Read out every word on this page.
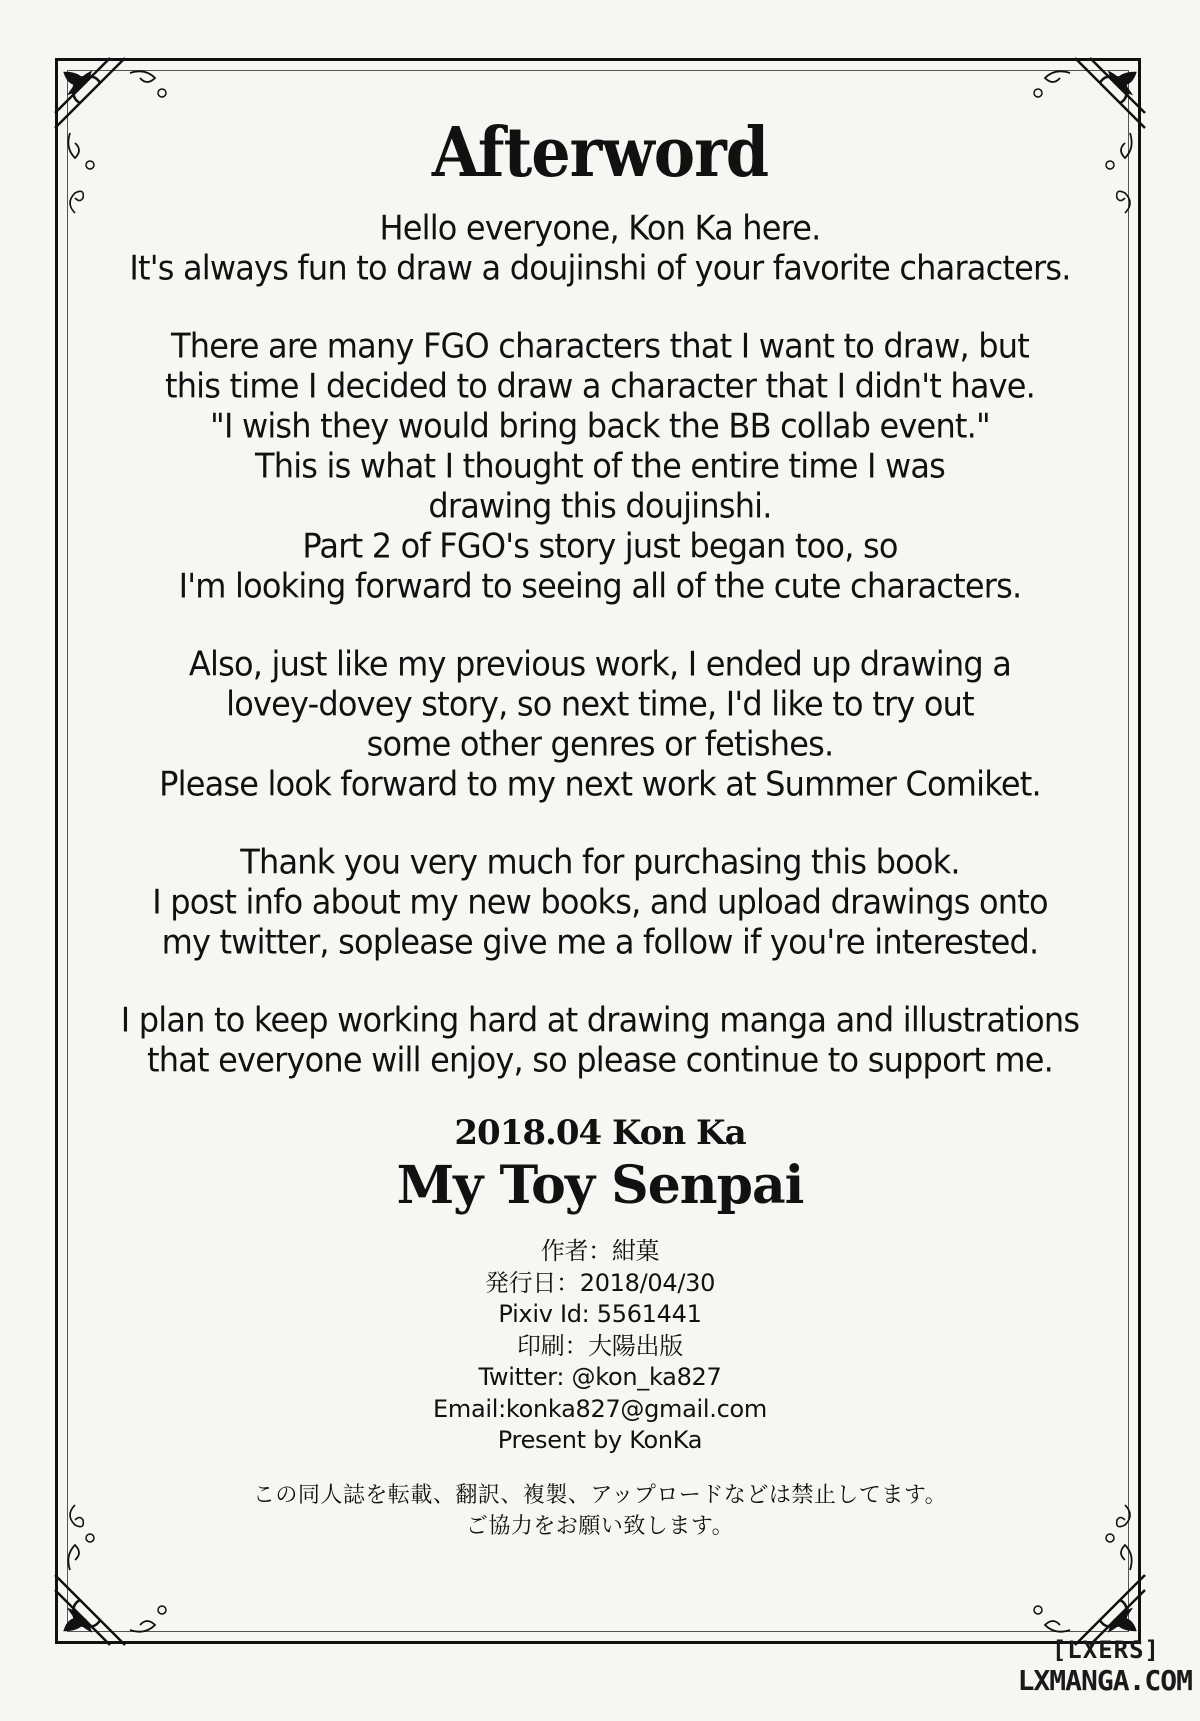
Afterword
Hello everyone, Kon Ka here.
It's always fun to draw a doujinshi of your favorite characters.
There are many FGO characters that I want to draw, but
this time I decided to draw a character that I didn't have.
"I wish they would bring back the BB collab event."
This is what I thought of the entire time I was
drawing this doujinshi.
Part 2 of FGO's story just began too, so
I'm looking forward to seeing all of the cute characters.
Also, just like my previous work, I ended up drawing a
lovey-dovey story, so next time, I'd like to try out
some other genres or fetishes.
Please look forward to my next work at Summer Comiket.
Thank you very much for purchasing this book.
I post info about my new books, and upload drawings onto
my twitter, soplease give me a follow if you're interested.
I plan to keep working hard at drawing manga and illustrations
that everyone will enjoy, so please continue to support me.
2018.04 Kon Ka
My Toy Senpai
作者：紺菓
発行日：2018/04/30
Pixiv Id: 5561441
印刷：大陽出版
Twitter: @kon_ka827
Email:konka827@gmail.com
Present by KonKa
この同人誌を転載、翻訳、複製、アップロードなどは禁止してます。
ご協力をお願い致します。
[LXERS]
LXMANGA.COM
